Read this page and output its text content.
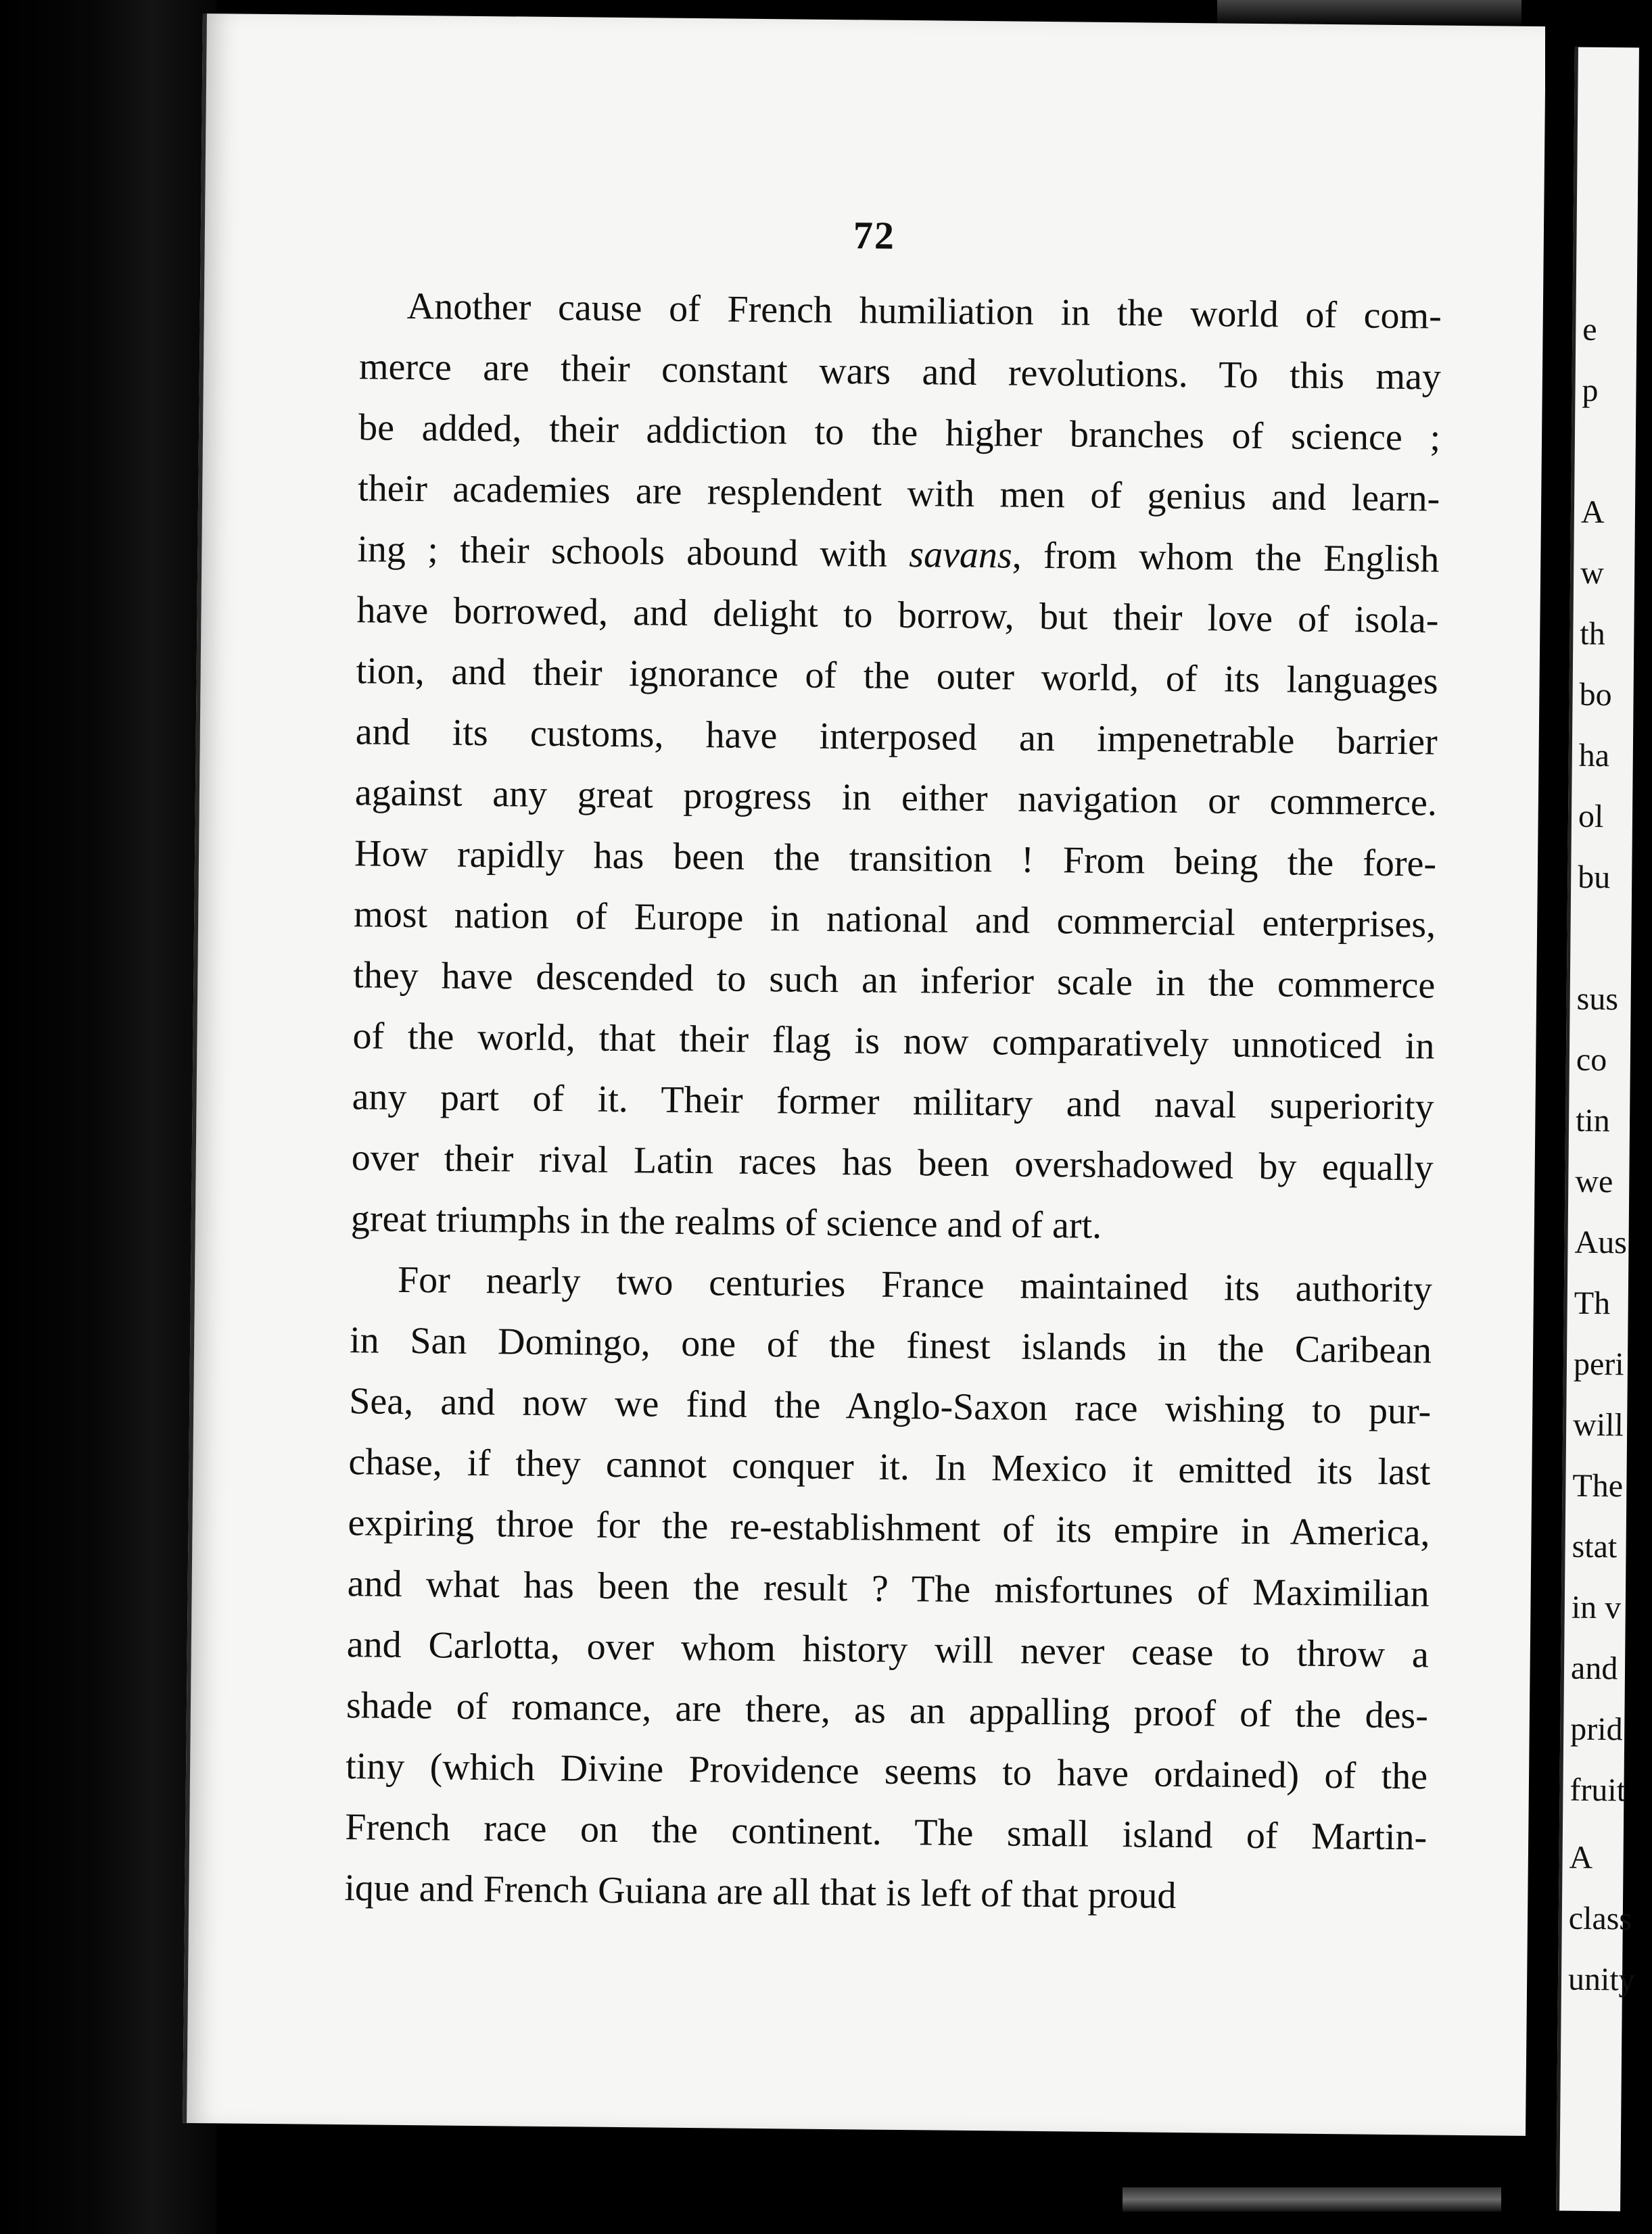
72

Another cause of French humiliation in the world of com-
merce are their constant wars and revolutions. To this may
be added, their addiction to the higher branches of science ;
their academies are resplendent with men of genius and learn-
ing ; their schools abound with savans, from whom the English
have borrowed, and delight to borrow, but their love of isola-
tion, and their ignorance of the outer world, of its languages
and its customs, have interposed an impenetrable barrier
against any great progress in either navigation or commerce.
How rapidly has been the transition ! From being the fore-
most nation of Europe in national and commercial enterprises,
they have descended to such an inferior scale in the commerce
of the world, that their flag is now comparatively unnoticed in
any part of it. Their former military and naval superiority
over their rival Latin races has been overshadowed by equally
great triumphs in the realms of science and of art.

For nearly two centuries France maintained its authority
in San Domingo, one of the finest islands in the Caribean
Sea, and now we find the Anglo-Saxon race wishing to pur-
chase, if they cannot conquer it. In Mexico it emitted its last
expiring throe for the re-establishment of its empire in America,
and what has been the result ? The misfortunes of Maximilian
and Carlotta, over whom history will never cease to throw a
shade of romance, are there, as an appalling proof of the des-
tiny (which Divine Providence seems to have ordained) of the
French race on the continent. The small island of Martin-
ique and French Guiana are all that is left of that proud

e
p
A
w
th
bo
ha
ol
bu
sus
co
tin
we
Aus
Th
peri
will
The
stat
in v
and
prid
fruit
A
class
unity
